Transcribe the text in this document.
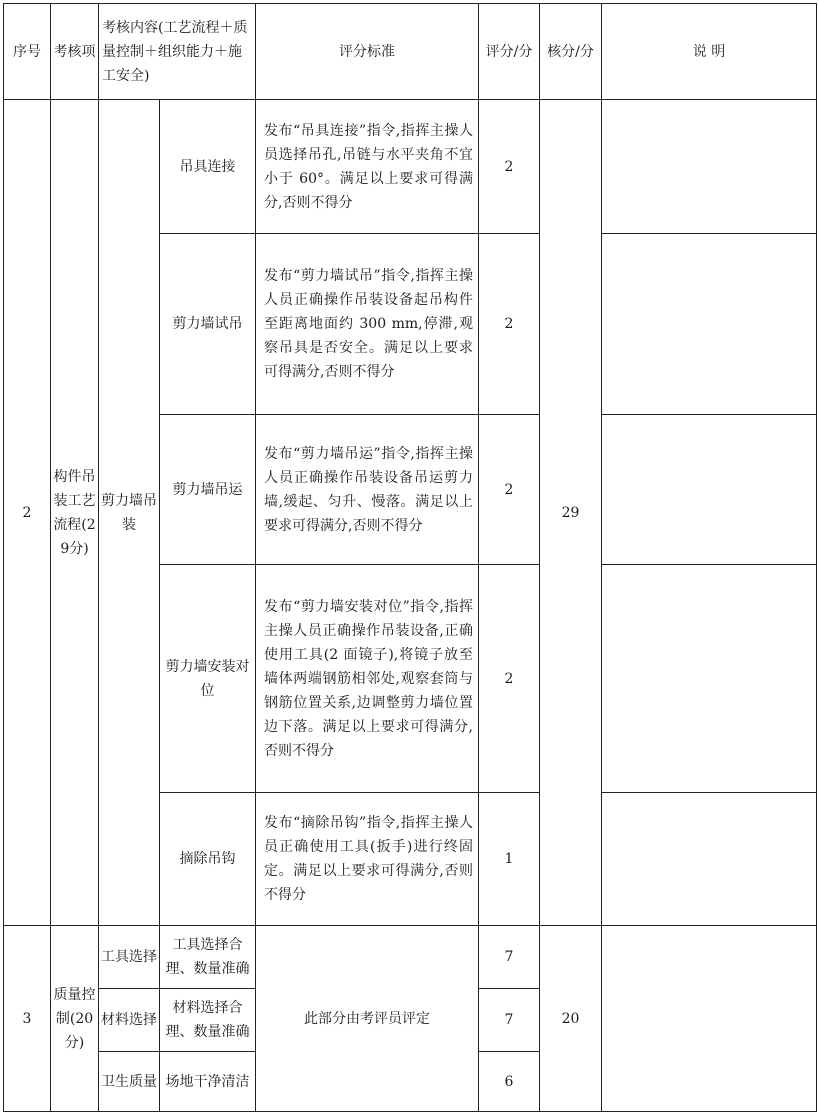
序号	考核项	考核内容(工艺流程＋质量控制＋组织能力＋施工安全)		评分标准	评分/分	核分/分	说 明
2	构件吊装工艺流程(29分)	剪力墙吊装	吊具连接	发布“吊具连接”指令,指挥主操人员选择吊孔,吊链与水平夹角不宜小于 60°。满足以上要求可得满分,否则不得分	2	29	
			剪力墙试吊	发布“剪力墙试吊”指令,指挥主操人员正确操作吊装设备起吊构件至距离地面约 300 mm,停滞,观察吊具是否安全。满足以上要求可得满分,否则不得分	2		
			剪力墙吊运	发布“剪力墙吊运”指令,指挥主操人员正确操作吊装设备吊运剪力墙,缓起、匀升、慢落。满足以上要求可得满分,否则不得分	2		
			剪力墙安装对位	发布“剪力墙安装对位”指令,指挥主操人员正确操作吊装设备,正确使用工具(2 面镜子),将镜子放至墙体两端钢筋相邻处,观察套筒与钢筋位置关系,边调整剪力墙位置边下落。满足以上要求可得满分,否则不得分	2		
			摘除吊钩	发布“摘除吊钩”指令,指挥主操人员正确使用工具(扳手)进行终固定。满足以上要求可得满分,否则不得分	1		
3	质量控制(20分)	工具选择	工具选择合理、数量准确	此部分由考评员评定	7	20	
		材料选择	材料选择合理、数量准确		7		
		卫生质量	场地干净清洁		6		
